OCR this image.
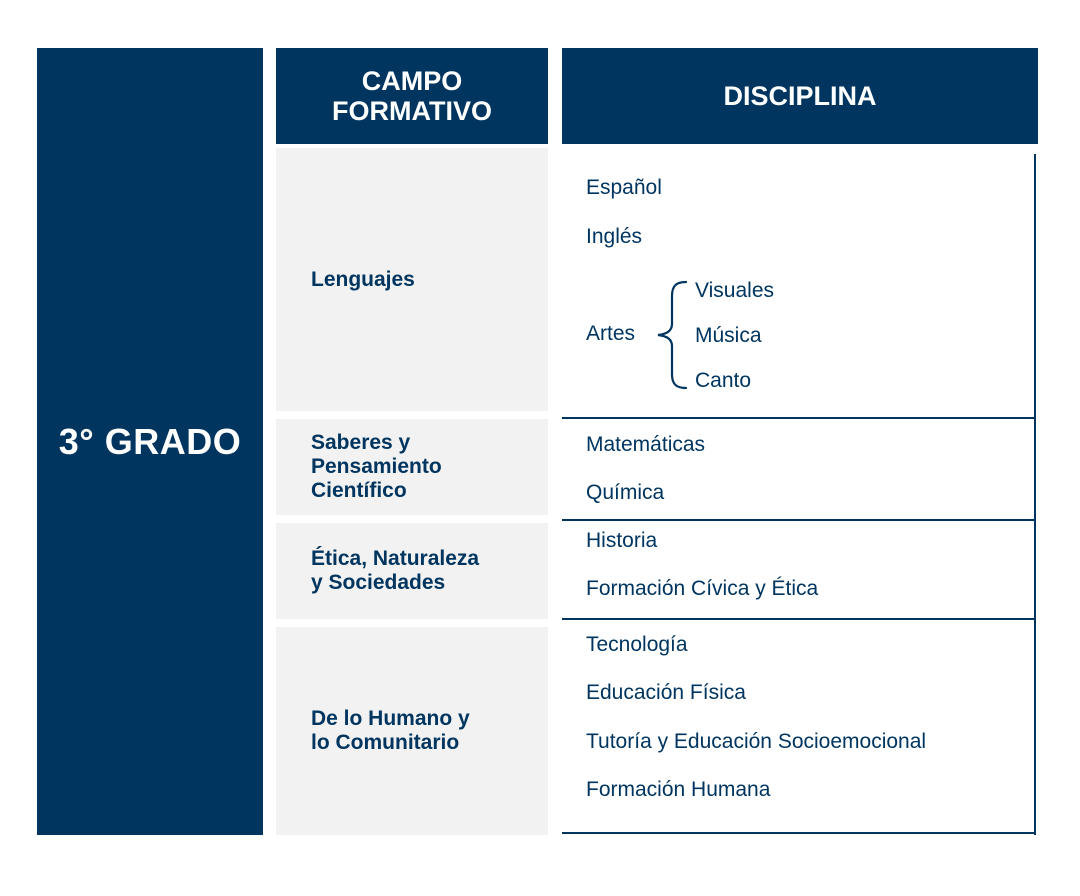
3° GRADO
CAMPO
FORMATIVO
DISCIPLINA
Lenguajes
Saberes y
Pensamiento
Científico
Ética, Naturaleza
y Sociedades
De lo Humano y
lo Comunitario
Español
Inglés
Artes
Visuales
Música
Canto
Matemáticas
Química
Historia
Formación Cívica y Ética
Tecnología
Educación Física
Tutoría y Educación Socioemocional
Formación Humana
